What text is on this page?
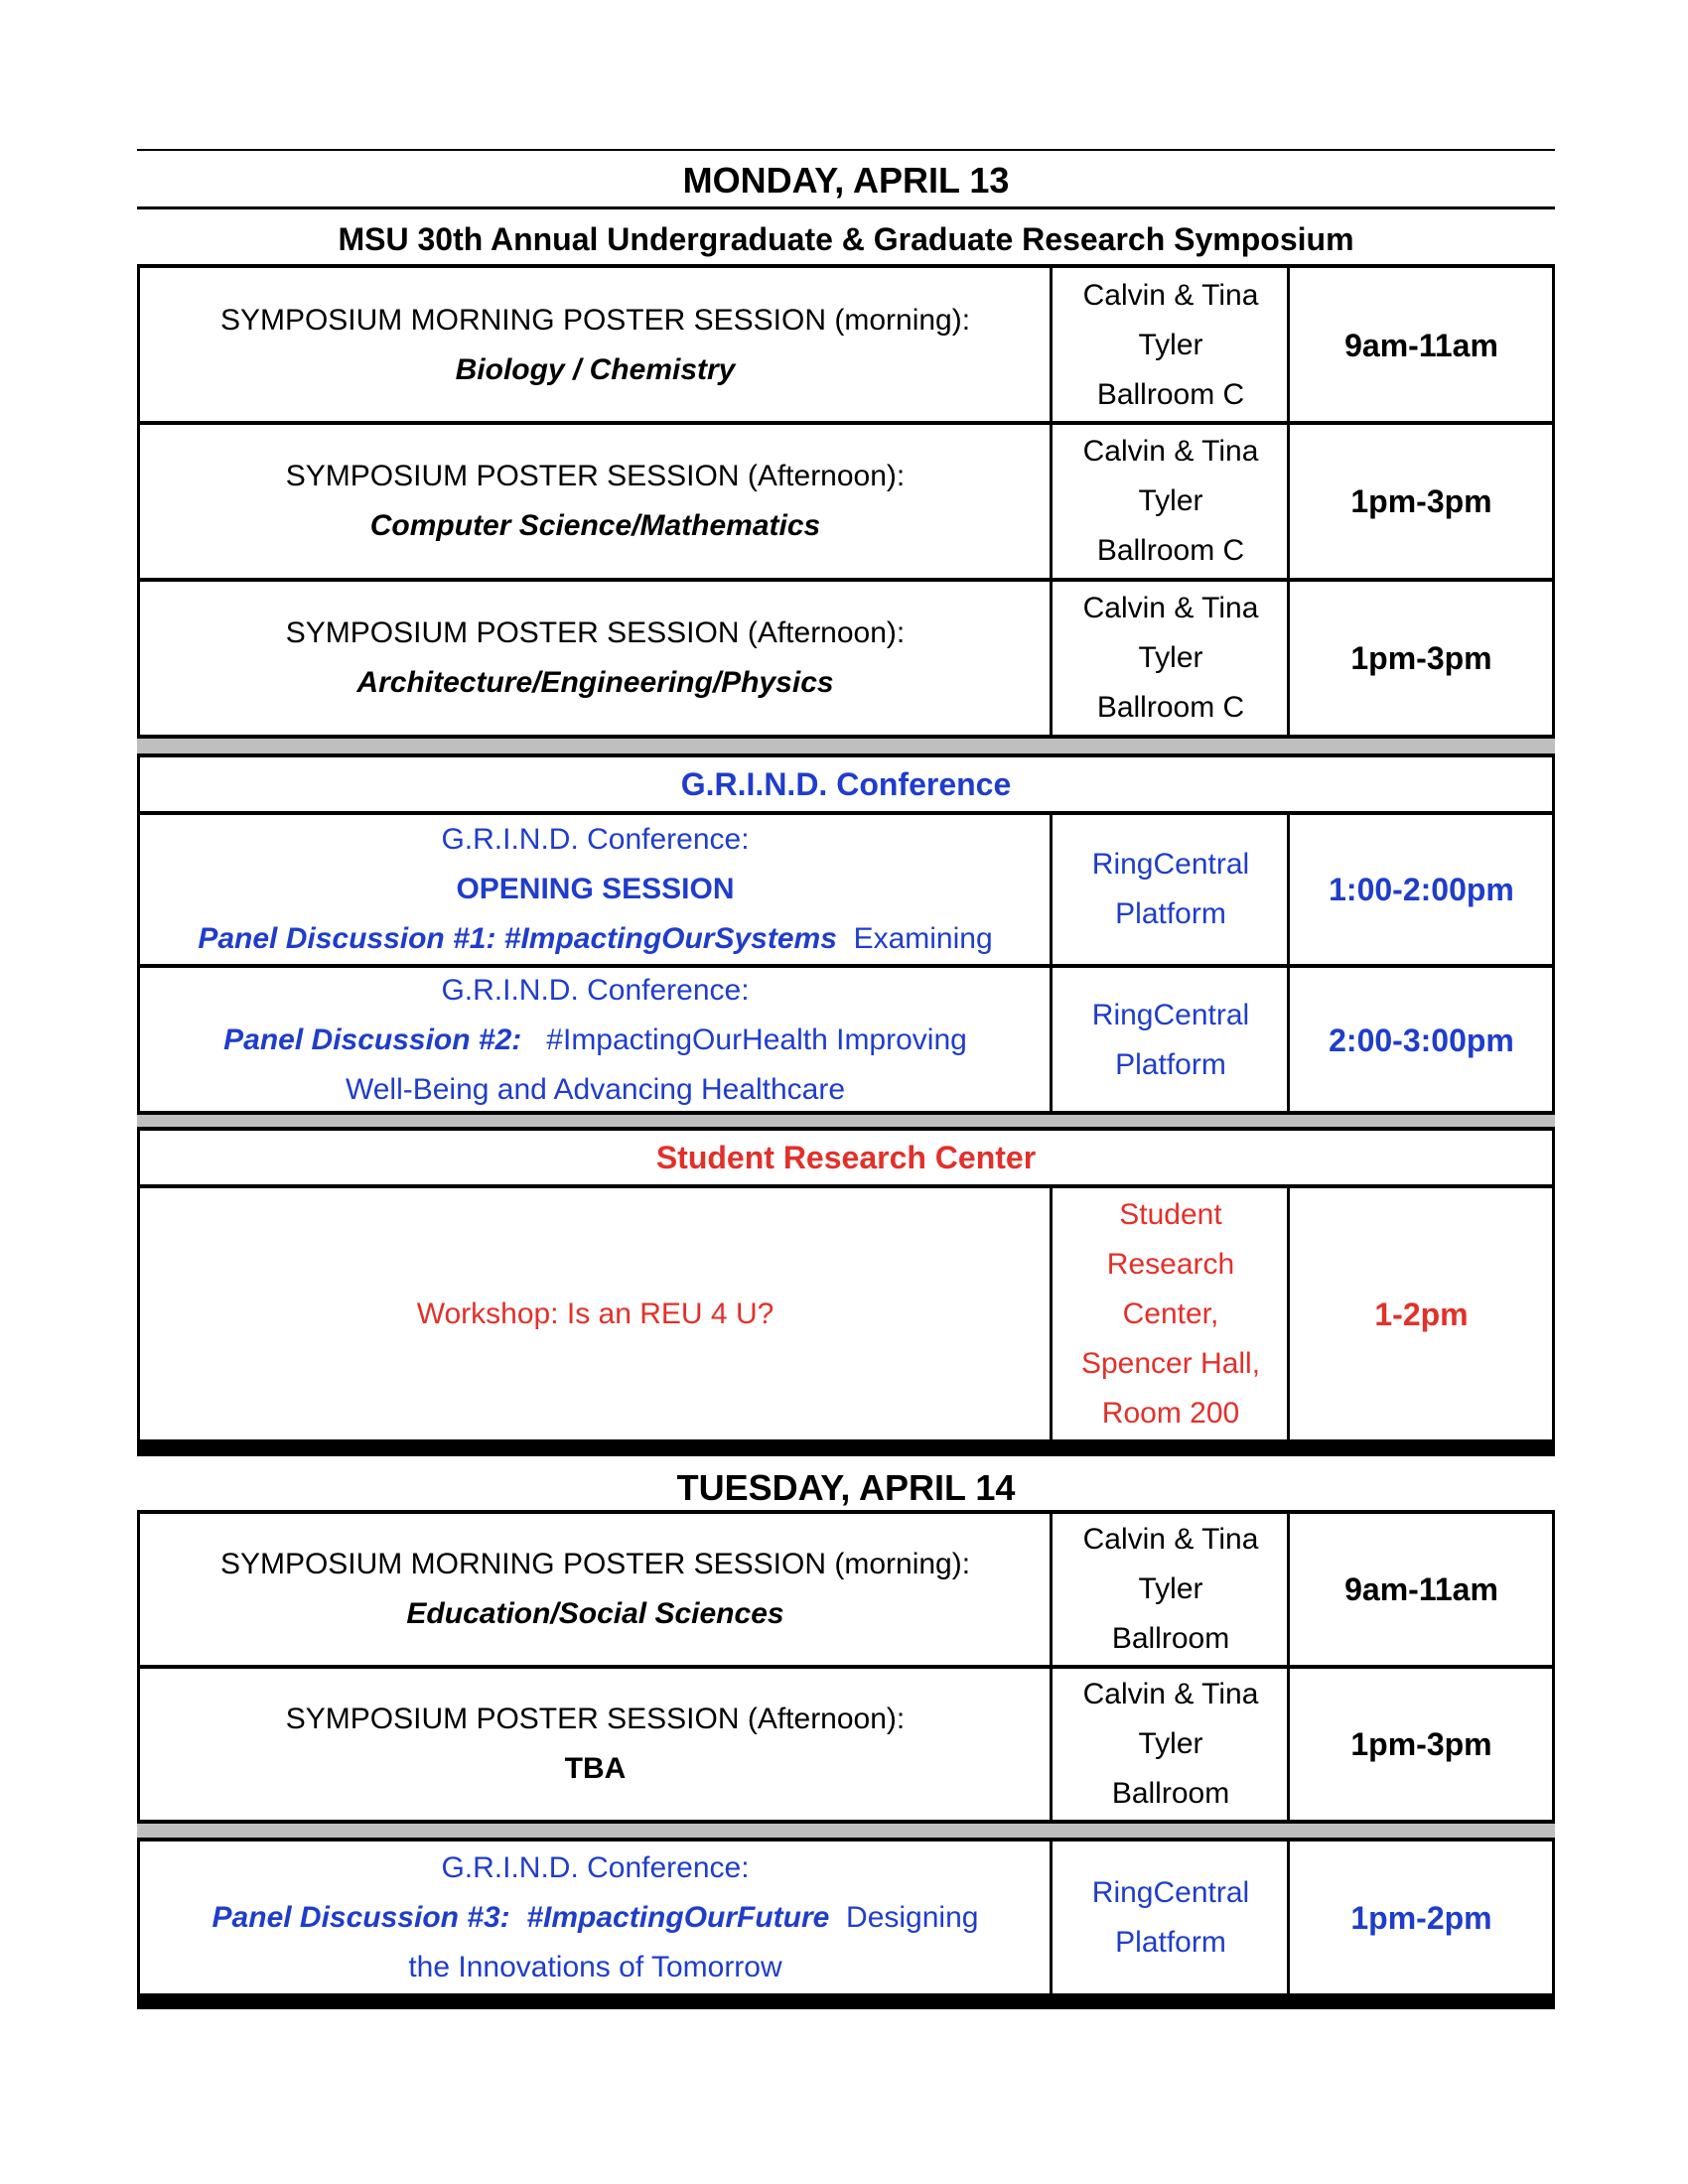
MONDAY, APRIL 13
MSU 30th Annual Undergraduate & Graduate Research Symposium
SYMPOSIUM MORNING POSTER SESSION (morning):
Biology / Chemistry
Calvin & Tina
Tyler
Ballroom C
9am-11am
SYMPOSIUM POSTER SESSION (Afternoon):
Computer Science/Mathematics
Calvin & Tina
Tyler
Ballroom C
1pm-3pm
SYMPOSIUM POSTER SESSION (Afternoon):
Architecture/Engineering/Physics
Calvin & Tina
Tyler
Ballroom C
1pm-3pm
G.R.I.N.D. Conference
G.R.I.N.D. Conference:
OPENING SESSION
Panel Discussion #1: #ImpactingOurSystems Examining
RingCentral
Platform
1:00-2:00pm
G.R.I.N.D. Conference:
Panel Discussion #2: #ImpactingOurHealth Improving
Well-Being and Advancing Healthcare
RingCentral
Platform
2:00-3:00pm
Student Research Center
Workshop: Is an REU 4 U?
Student
Research
Center,
Spencer Hall,
Room 200
1-2pm
TUESDAY, APRIL 14
SYMPOSIUM MORNING POSTER SESSION (morning):
Education/Social Sciences
Calvin & Tina
Tyler
Ballroom
9am-11am
SYMPOSIUM POSTER SESSION (Afternoon):
TBA
Calvin & Tina
Tyler
Ballroom
1pm-3pm
G.R.I.N.D. Conference:
Panel Discussion #3:  #ImpactingOurFuture Designing
the Innovations of Tomorrow
RingCentral
Platform
1pm-2pm
